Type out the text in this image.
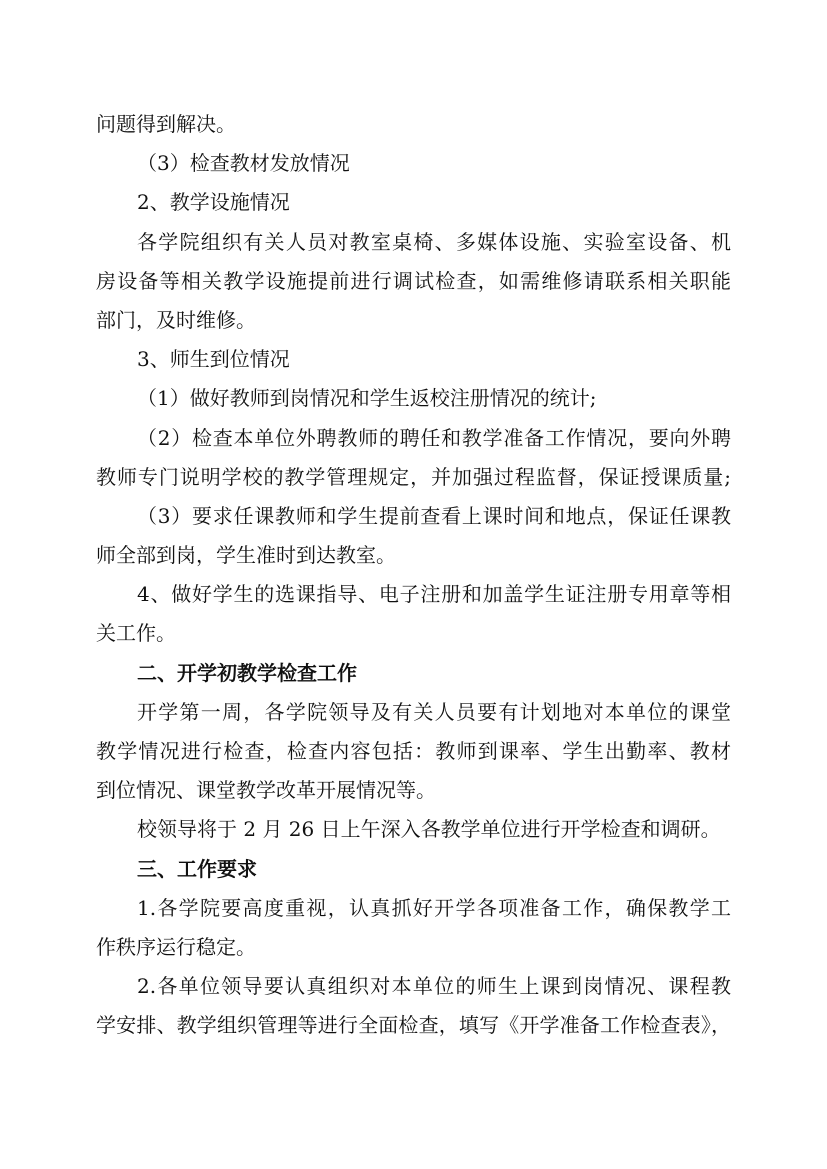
问题得到解决。
（3）检查教材发放情况
2、教学设施情况
各学院组织有关人员对教室桌椅、多媒体设施、实验室设备、机
房设备等相关教学设施提前进行调试检查，如需维修请联系相关职能
部门，及时维修。
3、师生到位情况
（1）做好教师到岗情况和学生返校注册情况的统计;
（2）检查本单位外聘教师的聘任和教学准备工作情况，要向外聘
教师专门说明学校的教学管理规定，并加强过程监督，保证授课质量;
（3）要求任课教师和学生提前查看上课时间和地点，保证任课教
师全部到岗，学生准时到达教室。
4、做好学生的选课指导、电子注册和加盖学生证注册专用章等相
关工作。
二、开学初教学检查工作
开学第一周，各学院领导及有关人员要有计划地对本单位的课堂
教学情况进行检查，检查内容包括：教师到课率、学生出勤率、教材
到位情况、课堂教学改革开展情况等。
校领导将于 2 月 26 日上午深入各教学单位进行开学检查和调研。
三、工作要求
1.各学院要高度重视，认真抓好开学各项准备工作，确保教学工
作秩序运行稳定。
2.各单位领导要认真组织对本单位的师生上课到岗情况、课程教
学安排、教学组织管理等进行全面检查，填写《开学准备工作检查表》，
